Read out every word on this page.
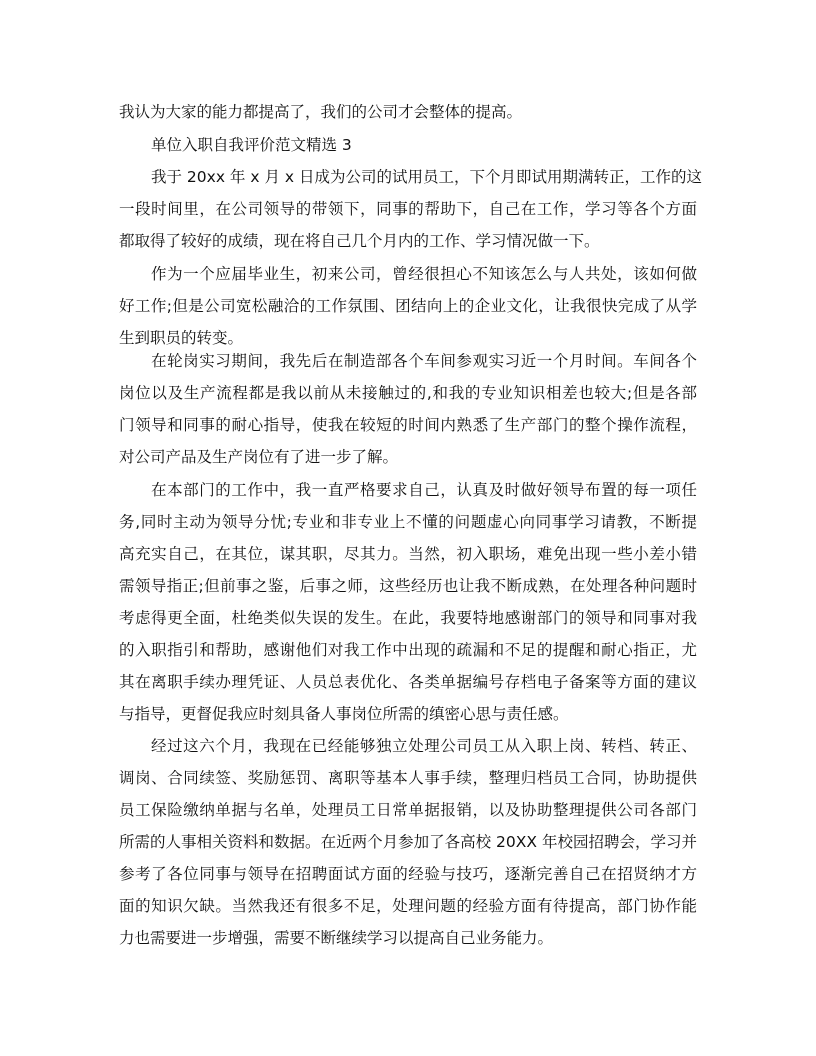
我认为大家的能力都提高了，我们的公司才会整体的提高。
单位入职自我评价范文精选 3
我于 20xx 年 x 月 x 日成为公司的试用员工，下个月即试用期满转正，工作的这
一段时间里，在公司领导的带领下，同事的帮助下，自己在工作，学习等各个方面
都取得了较好的成绩，现在将自己几个月内的工作、学习情况做一下。
作为一个应届毕业生，初来公司，曾经很担心不知该怎么与人共处，该如何做
好工作;但是公司宽松融洽的工作氛围、团结向上的企业文化，让我很快完成了从学
生到职员的转变。
在轮岗实习期间，我先后在制造部各个车间参观实习近一个月时间。车间各个
岗位以及生产流程都是我以前从未接触过的,和我的专业知识相差也较大;但是各部
门领导和同事的耐心指导，使我在较短的时间内熟悉了生产部门的整个操作流程，
对公司产品及生产岗位有了进一步了解。
在本部门的工作中，我一直严格要求自己，认真及时做好领导布置的每一项任
务,同时主动为领导分忧;专业和非专业上不懂的问题虚心向同事学习请教，不断提
高充实自己，在其位，谋其职，尽其力。当然，初入职场，难免出现一些小差小错
需领导指正;但前事之鉴，后事之师，这些经历也让我不断成熟，在处理各种问题时
考虑得更全面，杜绝类似失误的发生。在此，我要特地感谢部门的领导和同事对我
的入职指引和帮助，感谢他们对我工作中出现的疏漏和不足的提醒和耐心指正，尤
其在离职手续办理凭证、人员总表优化、各类单据编号存档电子备案等方面的建议
与指导，更督促我应时刻具备人事岗位所需的缜密心思与责任感。
经过这六个月，我现在已经能够独立处理公司员工从入职上岗、转档、转正、
调岗、合同续签、奖励惩罚、离职等基本人事手续，整理归档员工合同，协助提供
员工保险缴纳单据与名单，处理员工日常单据报销，以及协助整理提供公司各部门
所需的人事相关资料和数据。在近两个月参加了各高校 20XX 年校园招聘会，学习并
参考了各位同事与领导在招聘面试方面的经验与技巧，逐渐完善自己在招贤纳才方
面的知识欠缺。当然我还有很多不足，处理问题的经验方面有待提高，部门协作能
力也需要进一步增强，需要不断继续学习以提高自己业务能力。
